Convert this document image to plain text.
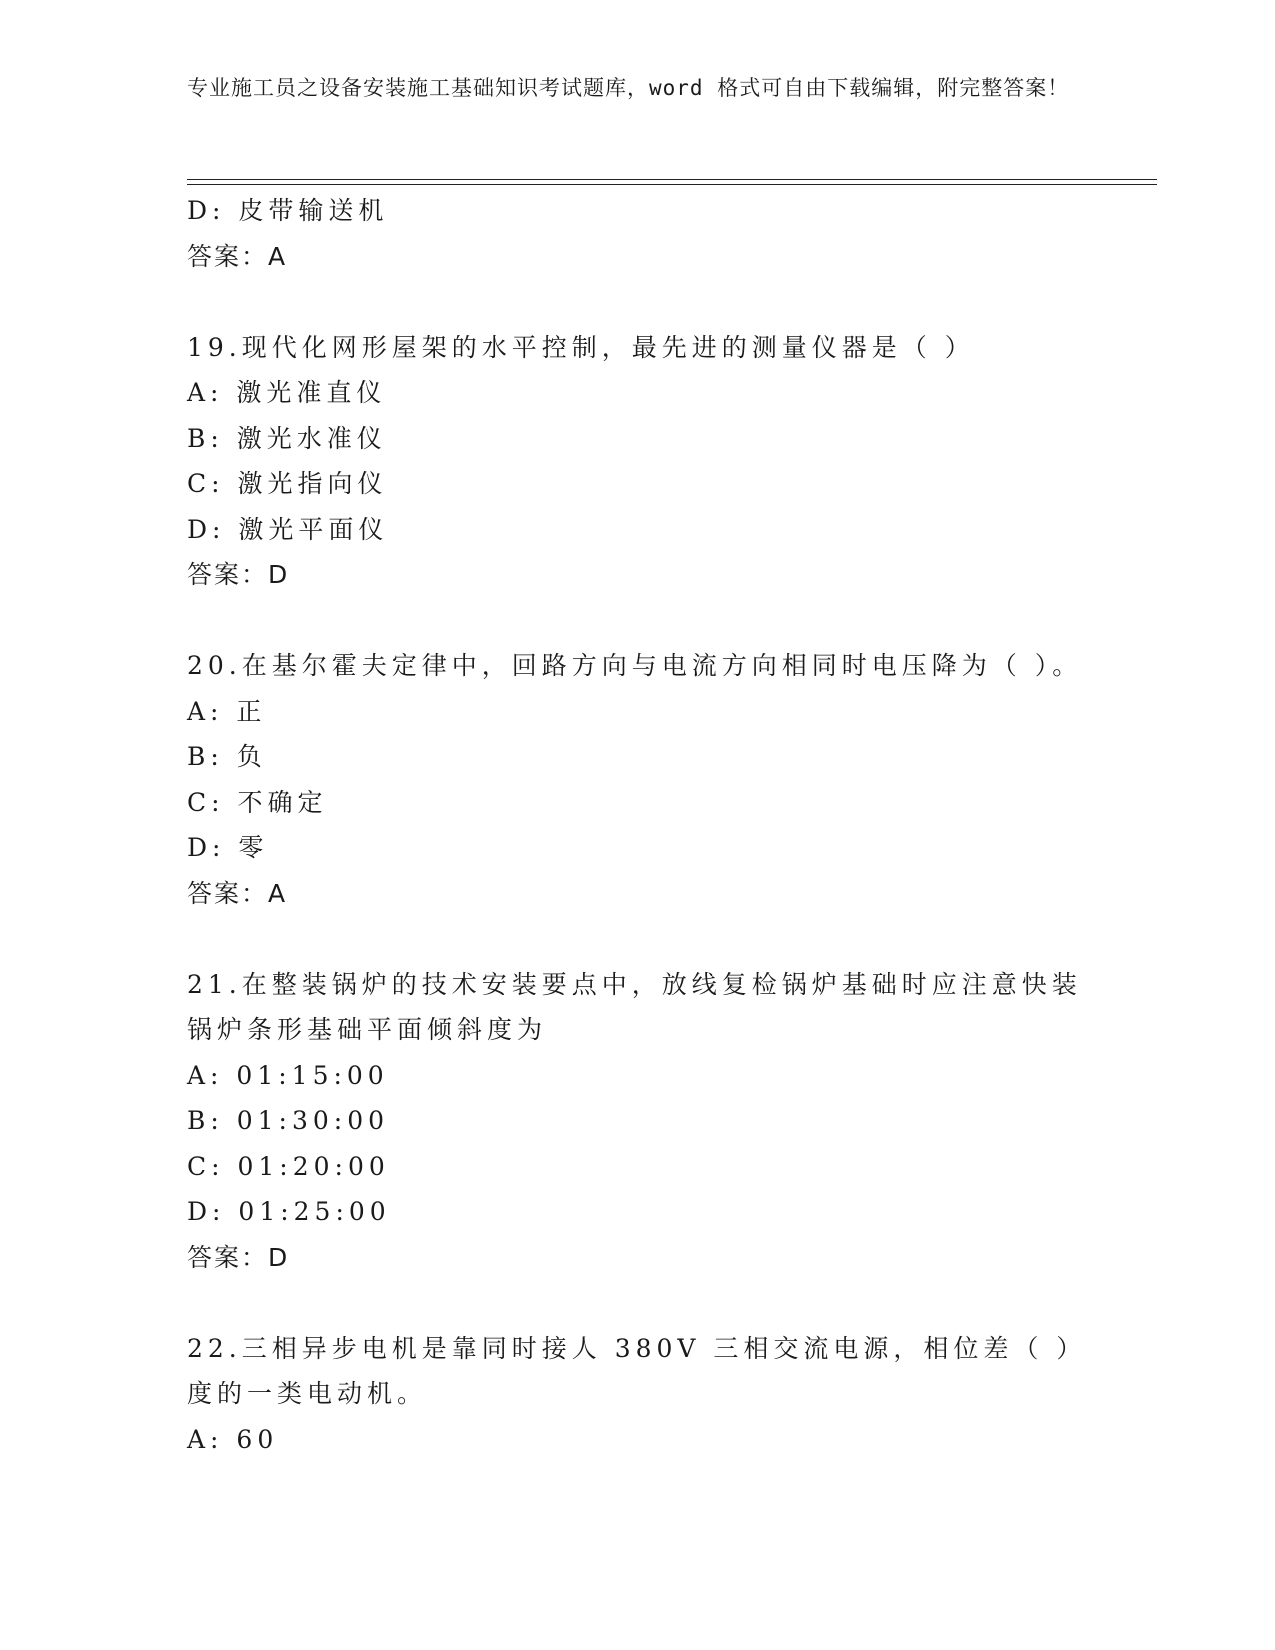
专业施工员之设备安装施工基础知识考试题库，word 格式可自由下载编辑，附完整答案！
D: 皮带输送机
答案：A
19.现代化网形屋架的水平控制，最先进的测量仪器是（ ）
A: 激光准直仪
B: 激光水准仪
C: 激光指向仪
D: 激光平面仪
答案：D
20.在基尔霍夫定律中，回路方向与电流方向相同时电压降为（ ）。
A: 正
B: 负
C: 不确定
D: 零
答案：A
21.在整装锅炉的技术安装要点中，放线复检锅炉基础时应注意快装锅炉条形基础平面倾斜度为
A: 01:15:00
B: 01:30:00
C: 01:20:00
D: 01:25:00
答案：D
22.三相异步电机是靠同时接人 380V 三相交流电源，相位差（ ）度的一类电动机。
A: 60
